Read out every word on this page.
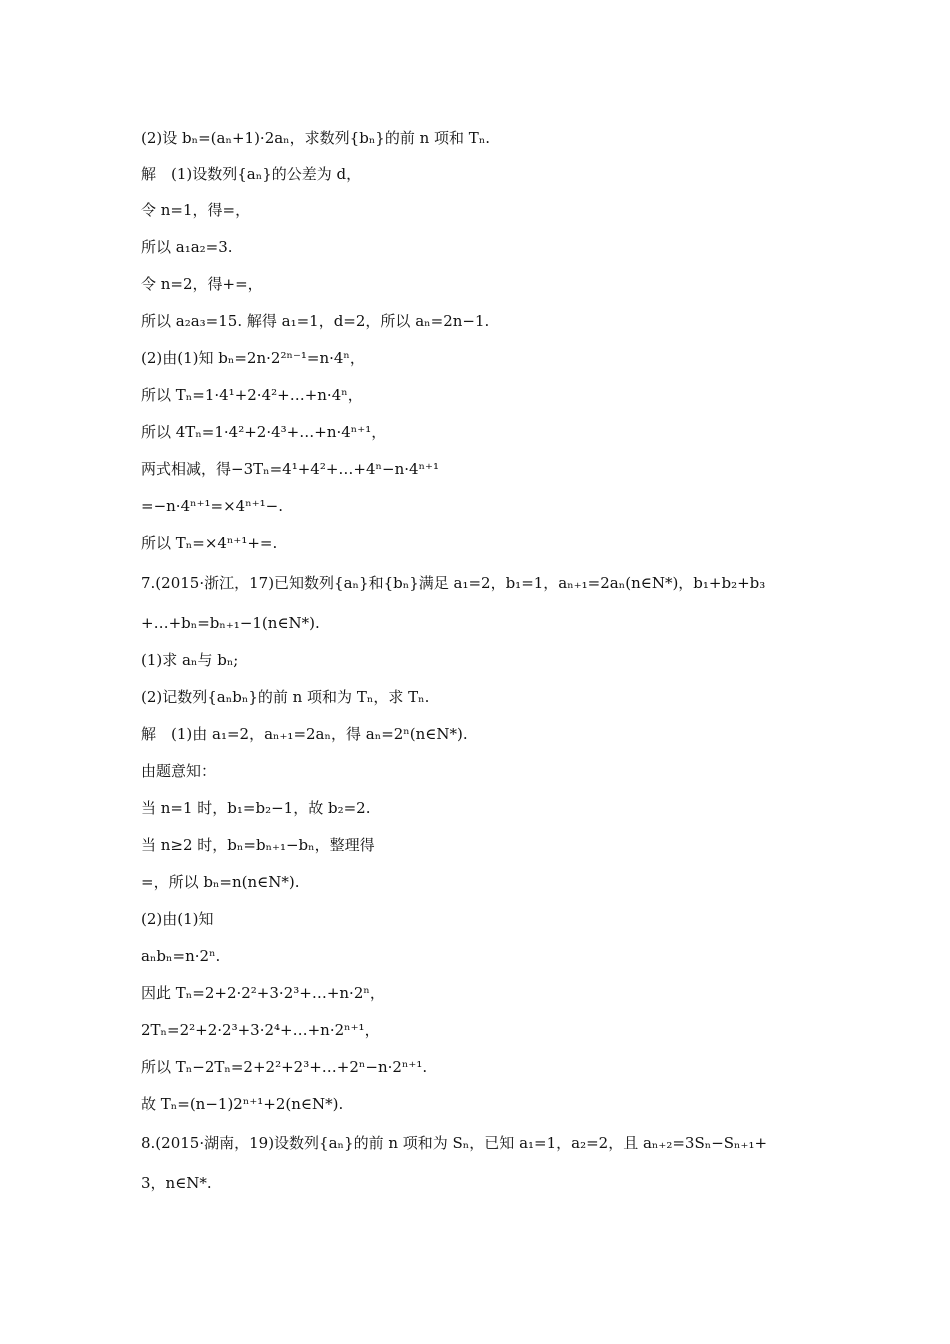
(2)设 bₙ=(aₙ+1)·2aₙ，求数列{bₙ}的前 n 项和 Tₙ.
解　(1)设数列{aₙ}的公差为 d，
令 n=1，得=，
所以 a₁a₂=3.
令 n=2，得+=，
所以 a₂a₃=15. 解得 a₁=1，d=2，所以 aₙ=2n−1.
(2)由(1)知 bₙ=2n·2²ⁿ⁻¹=n·4ⁿ，
所以 Tₙ=1·4¹+2·4²+…+n·4ⁿ，
所以 4Tₙ=1·4²+2·4³+…+n·4ⁿ⁺¹，
两式相减，得−3Tₙ=4¹+4²+…+4ⁿ−n·4ⁿ⁺¹
=−n·4ⁿ⁺¹=×4ⁿ⁺¹−.
所以 Tₙ=×4ⁿ⁺¹+=.
7.(2015·浙江，17)已知数列{aₙ}和{bₙ}满足 a₁=2，b₁=1，aₙ₊₁=2aₙ(n∈N*)，b₁+b₂+b₃
+…+bₙ=bₙ₊₁−1(n∈N*).
(1)求 aₙ与 bₙ;
(2)记数列{aₙbₙ}的前 n 项和为 Tₙ，求 Tₙ.
解　(1)由 a₁=2，aₙ₊₁=2aₙ，得 aₙ=2ⁿ(n∈N*).
由题意知：
当 n=1 时，b₁=b₂−1，故 b₂=2.
当 n≥2 时，bₙ=bₙ₊₁−bₙ，整理得
=，所以 bₙ=n(n∈N*).
(2)由(1)知
aₙbₙ=n·2ⁿ.
因此 Tₙ=2+2·2²+3·2³+…+n·2ⁿ，
2Tₙ=2²+2·2³+3·2⁴+…+n·2ⁿ⁺¹，
所以 Tₙ−2Tₙ=2+2²+2³+…+2ⁿ−n·2ⁿ⁺¹.
故 Tₙ=(n−1)2ⁿ⁺¹+2(n∈N*).
8.(2015·湖南，19)设数列{aₙ}的前 n 项和为 Sₙ，已知 a₁=1，a₂=2，且 aₙ₊₂=3Sₙ−Sₙ₊₁+
3，n∈N*.
